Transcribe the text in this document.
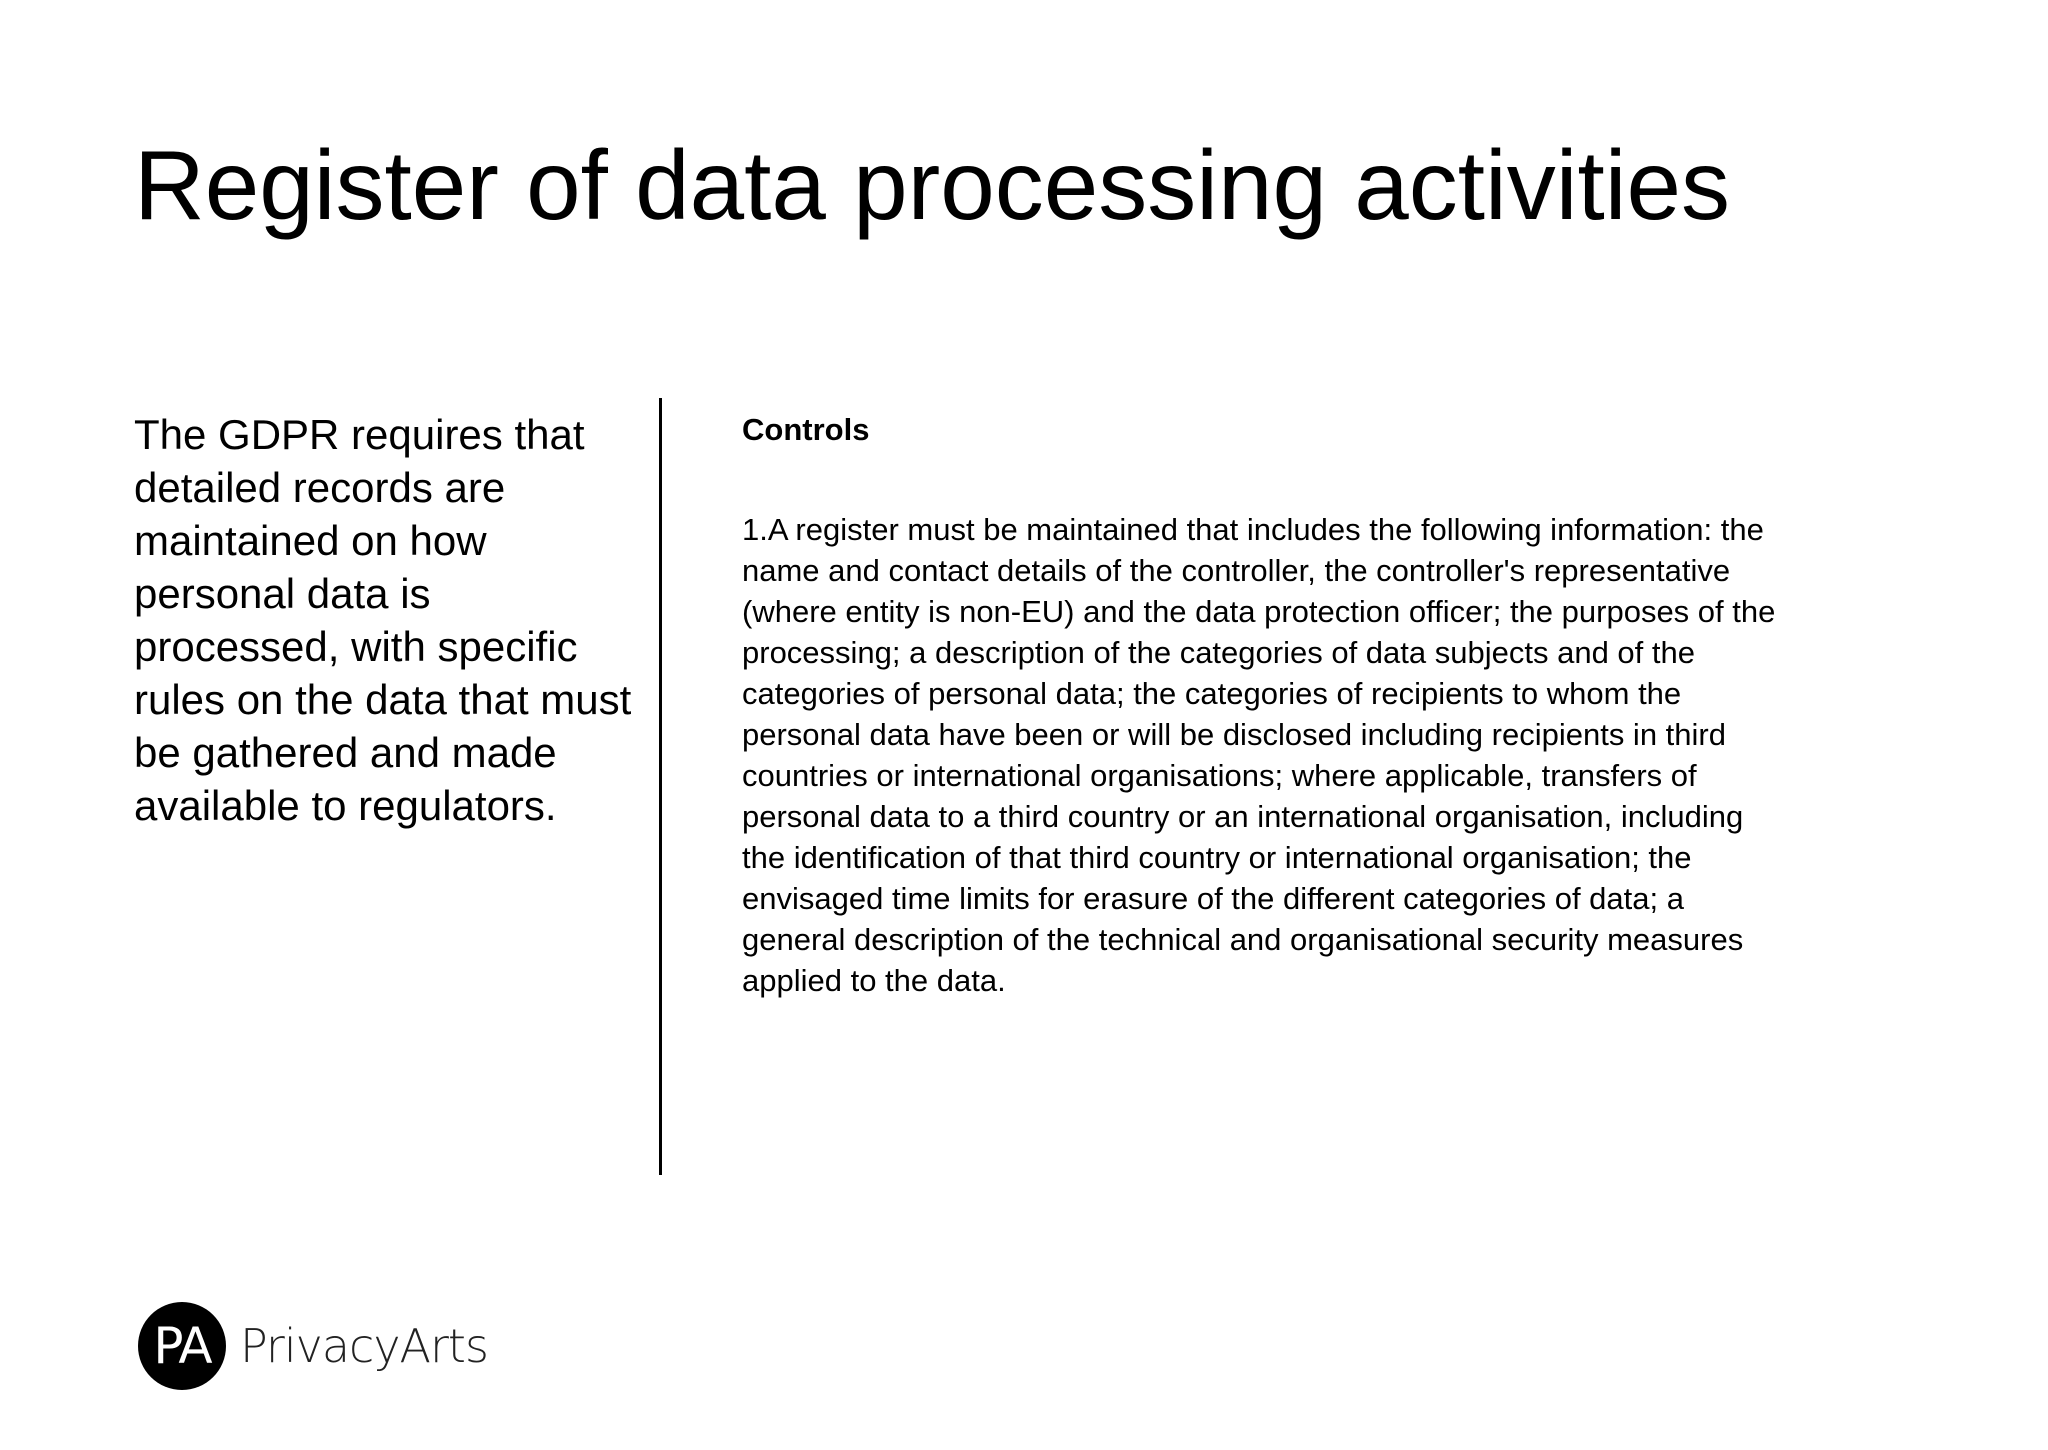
Register of data processing activities

The GDPR requires that detailed records are maintained on how personal data is processed, with specific rules on the data that must be gathered and made available to regulators.

Controls

1.A register must be maintained that includes the following information: the
name and contact details of the controller, the controller's representative
(where entity is non-EU) and the data protection officer; the purposes of the
processing; a description of the categories of data subjects and of the
categories of personal data; the categories of recipients to whom the
personal data have been or will be disclosed including recipients in third
countries or international organisations; where applicable, transfers of
personal data to a third country or an international organisation, including
the identification of that third country or international organisation; the
envisaged time limits for erasure of the different categories of data; a
general description of the technical and organisational security measures
applied to the data.

PA PrivacyArts
